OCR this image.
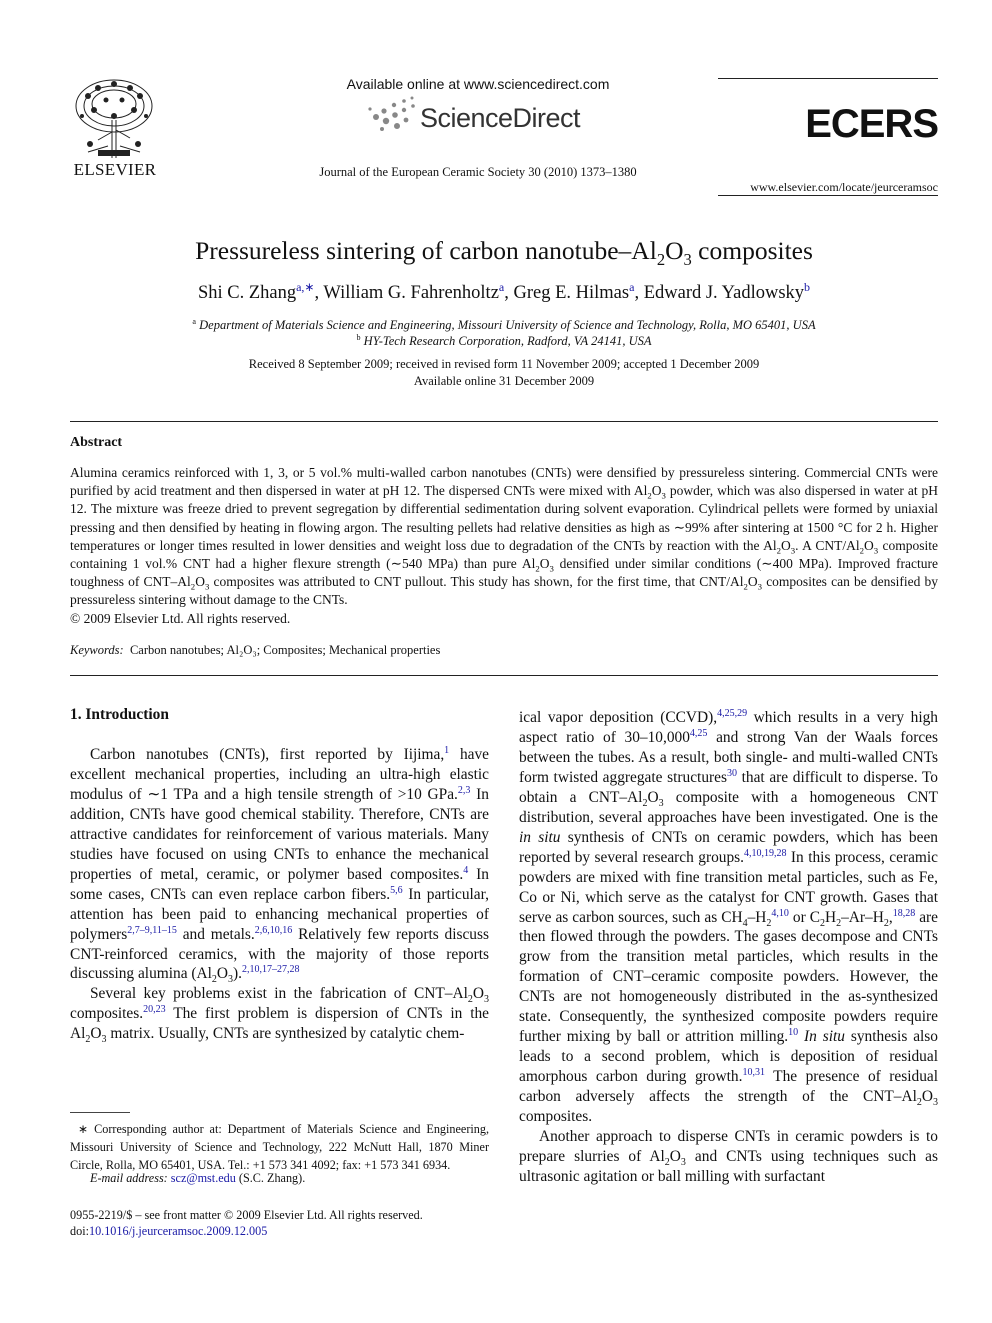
Available online at www.sciencedirect.com
ScienceDirect
Journal of the European Ceramic Society 30 (2010) 1373–1380
ELSEVIER
ECERS
www.elsevier.com/locate/jeurceramsoc
Pressureless sintering of carbon nanotube–$Al_2O_3$ composites
Shi C. Zhang$^{a,∗}$, William G. Fahrenholtz$^a$, Greg E. Hilmas$^a$, Edward J. Yadlowsky$^b$
$^a$ Department of Materials Science and Engineering, Missouri University of Science and Technology, Rolla, MO 65401, USA
$^b$ HY-Tech Research Corporation, Radford, VA 24141, USA
Received 8 September 2009; received in revised form 11 November 2009; accepted 1 December 2009
Available online 31 December 2009
Abstract
Alumina ceramics reinforced with 1, 3, or 5 vol.% multi-walled carbon nanotubes (CNTs) were densified by pressureless sintering. Commercial CNTs were purified by acid treatment and then dispersed in water at pH 12. The dispersed CNTs were mixed with $Al_2O_3$ powder, which was also dispersed in water at pH 12. The mixture was freeze dried to prevent segregation by differential sedimentation during solvent evaporation. Cylindrical pellets were formed by uniaxial pressing and then densified by heating in flowing argon. The resulting pellets had relative densities as high as ∼99% after sintering at 1500 °C for 2 h. Higher temperatures or longer times resulted in lower densities and weight loss due to degradation of the CNTs by reaction with the $Al_2O_3$. A CNT/$Al_2O_3$ composite containing 1 vol.% CNT had a higher flexure strength (∼540 MPa) than pure $Al_2O_3$ densified under similar conditions (∼400 MPa). Improved fracture toughness of CNT–$Al_2O_3$ composites was attributed to CNT pullout. This study has shown, for the first time, that CNT/$Al_2O_3$ composites can be densified by pressureless sintering without damage to the CNTs.
© 2009 Elsevier Ltd. All rights reserved.
Keywords: Carbon nanotubes; Al₂O₃; Composites; Mechanical properties
1. Introduction

Carbon nanotubes (CNTs), first reported by Iijima,$^1$ have excellent mechanical properties, including an ultra-high elastic modulus of ∼1 TPa and a high tensile strength of >10 GPa.$^{2,3}$ In addition, CNTs have good chemical stability. Therefore, CNTs are attractive candidates for reinforcement of various materials. Many studies have focused on using CNTs to enhance the mechanical properties of metal, ceramic, or polymer based composites.$^4$ In some cases, CNTs can even replace carbon fibers.$^{5,6}$ In particular, attention has been paid to enhancing mechanical properties of polymers$^{2,7-9,11-15}$ and metals.$^{2,6,10,16}$ Relatively few reports discuss CNT-reinforced ceramics, with the majority of those reports discussing alumina $(Al_2O_3).^{2,10,17-27,28}$

Several key problems exist in the fabrication of CNT–$Al_2O_3$ composites.$^{20,23}$ The first problem is dispersion of CNTs in the $Al_2O_3$ matrix. Usually, CNTs are synthesized by catalytic chem-

∗ Corresponding author at: Department of Materials Science and Engineering, Missouri University of Science and Technology, 222 McNutt Hall, 1870 Miner Circle, Rolla, MO 65401, USA. Tel.: +1 573 341 4092; fax: +1 573 341 6934.
E-mail address: scz@mst.edu (S.C. Zhang).
0955-2219/$ – see front matter © 2009 Elsevier Ltd. All rights reserved.
doi:10.1016/j.jeurceramsoc.2009.12.005

ical vapor deposition (CCVD),$^{4,25,29}$ which results in a very high aspect ratio of 30–10,000$^{4,25}$ and strong Van der Waals forces between the tubes. As a result, both single- and multi-walled CNTs form twisted aggregate structures$^{30}$ that are difficult to disperse. To obtain a CNT–$Al_2O_3$ composite with a homogeneous CNT distribution, several approaches have been investigated. One is the in situ synthesis of CNTs on ceramic powders, which has been reported by several research groups.$^{4,10,19,28}$ In this process, ceramic powders are mixed with fine transition metal particles, such as Fe, Co or Ni, which serve as the catalyst for CNT growth. Gases that serve as carbon sources, such as $CH_4-H_2^{4,10}$ or $C_2H_2-Ar-H_2,^{18,28}$ are then flowed through the powders. The gases decompose and CNTs grow from the transition metal particles, which results in the formation of CNT–ceramic composite powders. However, the CNTs are not homogeneously distributed in the as-synthesized state. Consequently, the synthesized composite powders require further mixing by ball or attrition milling.$^{10}$ In situ synthesis also leads to a second problem, which is deposition of residual amorphous carbon during growth.$^{10,31}$ The presence of residual carbon adversely affects the strength of the CNT–$Al_2O_3$ composites.

Another approach to disperse CNTs in ceramic powders is to prepare slurries of $Al_2O_3$ and CNTs using techniques such as ultrasonic agitation or ball milling with surfactant
